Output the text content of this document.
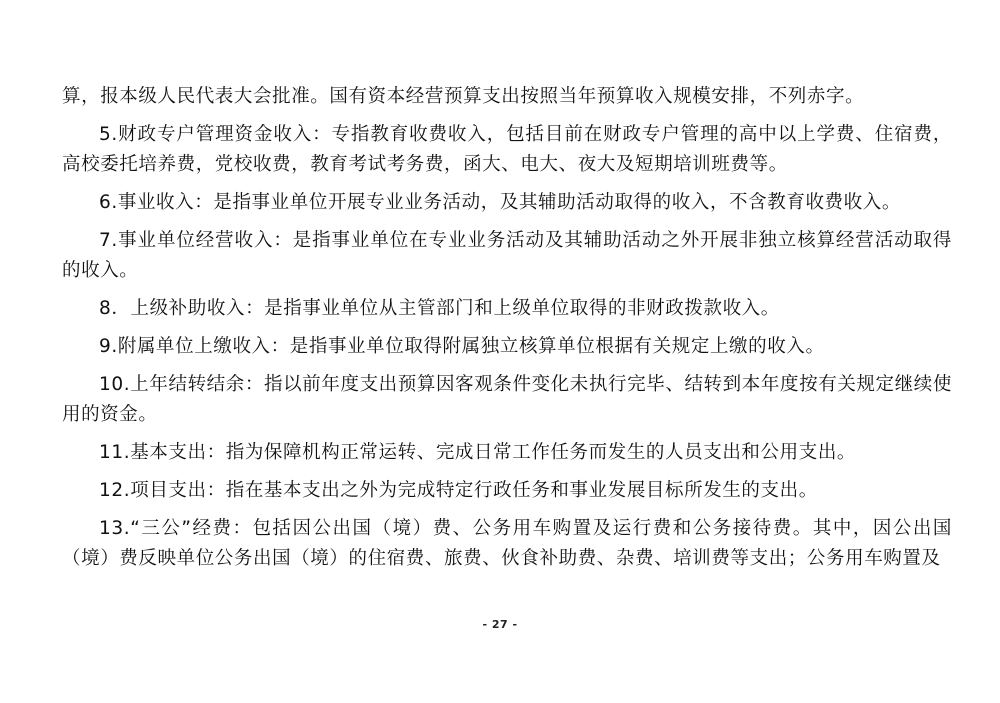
算，报本级人民代表大会批准。国有资本经营预算支出按照当年预算收入规模安排，不列赤字。

5.财政专户管理资金收入：专指教育收费收入，包括目前在财政专户管理的高中以上学费、住宿费，高校委托培养费，党校收费，教育考试考务费，函大、电大、夜大及短期培训班费等。

6.事业收入：是指事业单位开展专业业务活动，及其辅助活动取得的收入，不含教育收费收入。

7.事业单位经营收入：是指事业单位在专业业务活动及其辅助活动之外开展非独立核算经营活动取得的收入。

8．上级补助收入：是指事业单位从主管部门和上级单位取得的非财政拨款收入。

9.附属单位上缴收入：是指事业单位取得附属独立核算单位根据有关规定上缴的收入。

10.上年结转结余：指以前年度支出预算因客观条件变化未执行完毕、结转到本年度按有关规定继续使用的资金。

11.基本支出：指为保障机构正常运转、完成日常工作任务而发生的人员支出和公用支出。

12.项目支出：指在基本支出之外为完成特定行政任务和事业发展目标所发生的支出。

13.“三公”经费：包括因公出国（境）费、公务用车购置及运行费和公务接待费。其中，因公出国（境）费反映单位公务出国（境）的住宿费、旅费、伙食补助费、杂费、培训费等支出；公务用车购置及

- 27 -
